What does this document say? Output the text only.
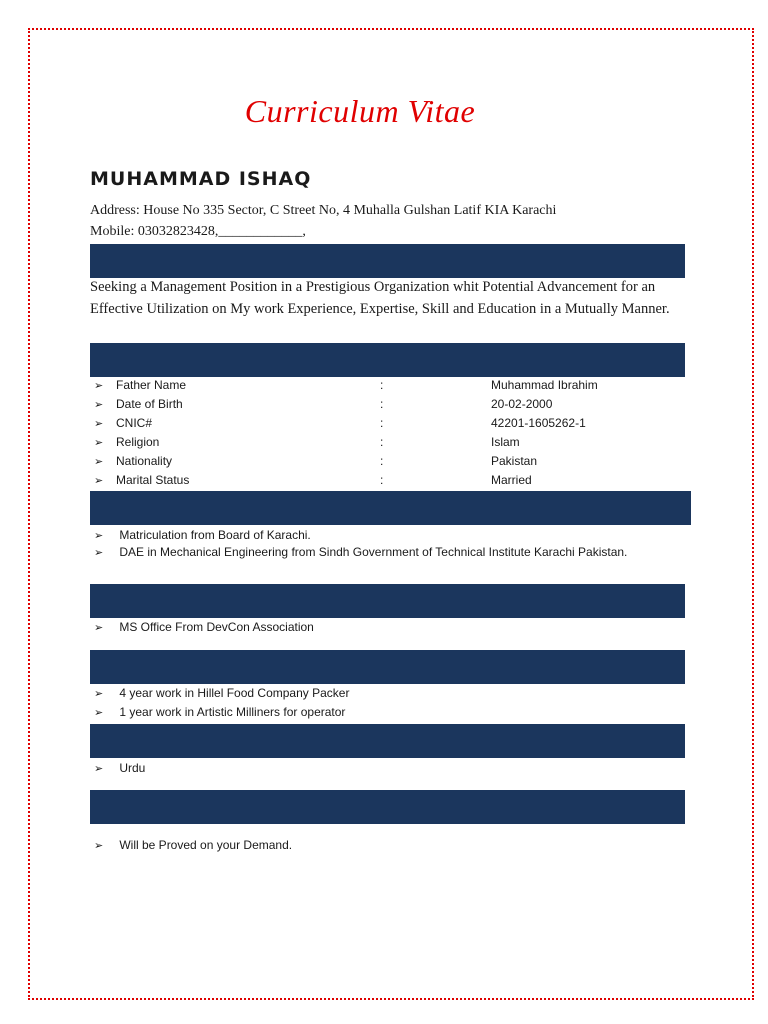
Curriculum Vitae
MUHAMMAD ISHAQ
Address: House No 335 Sector, C Street No, 4 Muhalla Gulshan Latif KIA Karachi
Mobile: 03032823428,____________,
Seeking a Management Position in a Prestigious Organization whit Potential Advancement for an Effective Utilization on My work Experience, Expertise, Skill and Education in a Mutually Manner.
➢ Father Name	:	Muhammad Ibrahim
➢ Date of Birth	:	20-02-2000
➢ CNIC#	:	42201-1605262-1
➢ Religion	:	Islam
➢ Nationality	:	Pakistan
➢ Marital Status	:	Married
➢ Matriculation from Board of Karachi.
➢ DAE in Mechanical Engineering from Sindh Government of Technical Institute Karachi Pakistan.
➢ MS Office From DevCon Association
➢ 4 year work in Hillel Food Company Packer
➢ 1 year work in Artistic Milliners for operator
➢ Urdu
➢ Will be Proved on your Demand.
